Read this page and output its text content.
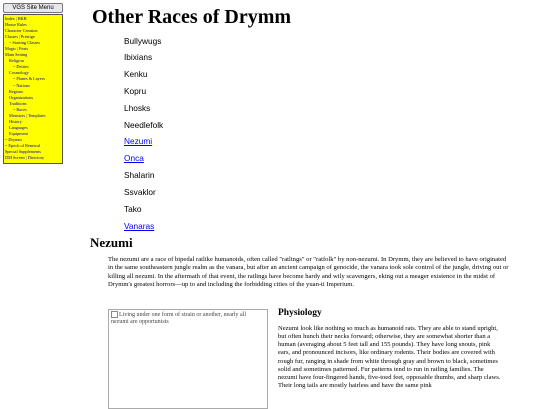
VGS Site Menu
Index | BKB
House Rules
Character Creation
Classes | Prestige
~ Starting Classes
Magic | Feats
Main Setting
Religion
~ Deities
Cosmology
~ Planes & Layers
~ Nations
Regions
Organizations
Traditions
~ Races
Monsters | Templates
History
Languages
Equipment
~ Drymm
~ Epoch of Renewal
Special Supplements
DM Screen | Directory
Other Races of Drymm
Bullywugs
Ibixians
Kenku
Kopru
Lhosks
Needlefolk
Nezumi
Onca
Shalarin
Ssvaklor
Tako
Vanaras
Nezumi

The nezumi are a race of bipedal ratlike humanoids, often called "ratlings" or "ratfolk" by non-nezumi. In Drymm, they are believed to have originated in the same southeastern jungle realm as the vanara, but after an ancient campaign of genocide, the vanara took sole control of the jungle, driving out or killing all nezumi. In the aftermath of that event, the ratlings have become hardy and wily scavengers, eking out a meager existence in the midst of Drymm's greatest horrors—up to and including the forbidding cities of the yuan-ti Imperium.

Living under one form of strain or another, nearly all nezumi are opportunists
Physiology

Nezumi look like nothing so much as humanoid rats. They are able to stand upright, but often hunch their necks forward; otherwise, they are somewhat shorter than a human (averaging about 5 feet tall and 155 pounds). They have long snouts, pink ears, and pronounced incisors, like ordinary rodents. Their bodies are covered with rough fur, ranging in shade from white through gray and brown to black, sometimes solid and sometimes patterned. Fur patterns tend to run in ratling families. The nezumi have four-fingered hands, five-toed feet, opposable thumbs, and sharp claws. Their long tails are mostly hairless and have the same pink
